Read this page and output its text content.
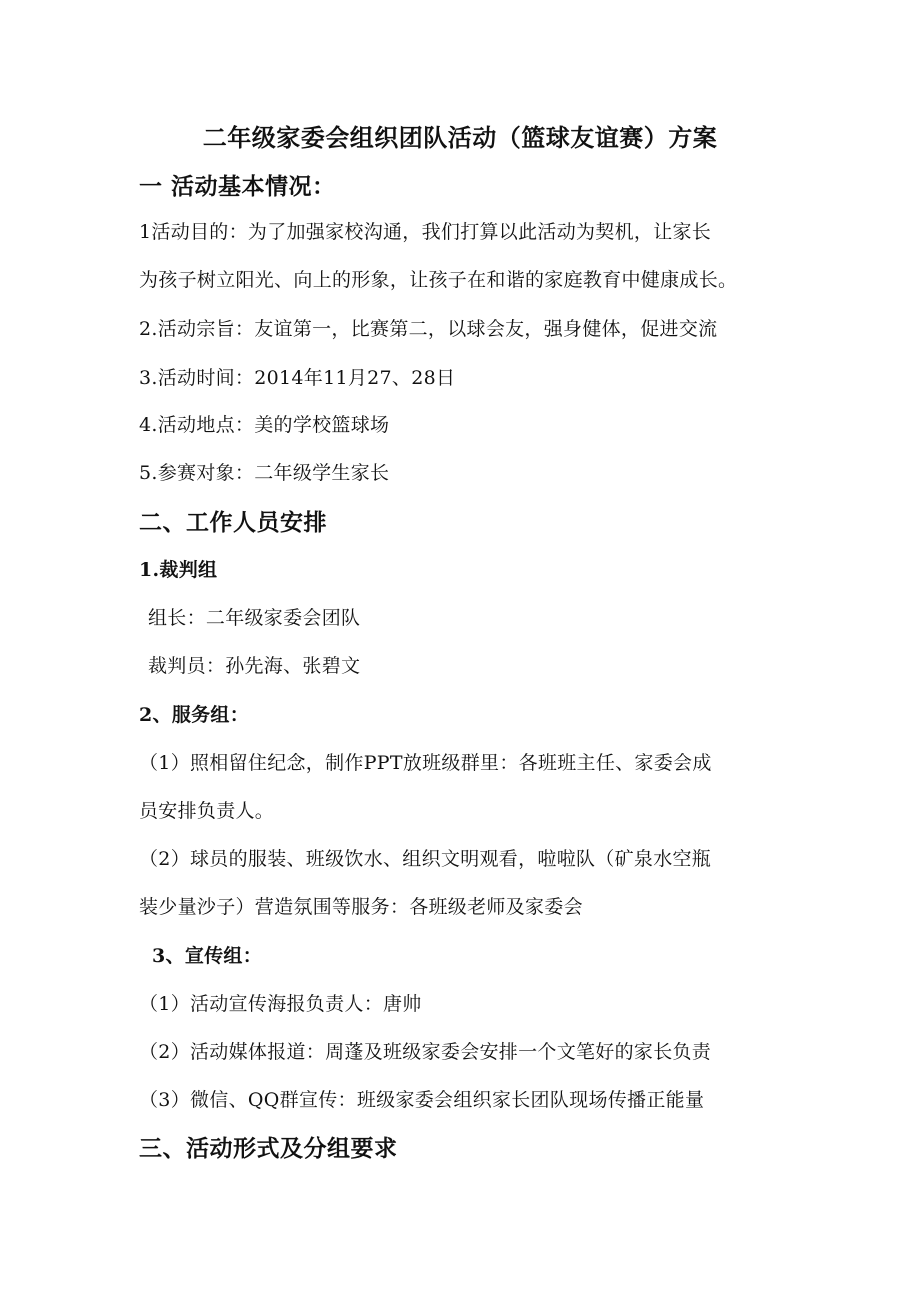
二年级家委会组织团队活动（篮球友谊赛）方案
一 活动基本情况：
1活动目的：为了加强家校沟通，我们打算以此活动为契机，让家长
为孩子树立阳光、向上的形象，让孩子在和谐的家庭教育中健康成长。
2.活动宗旨：友谊第一，比赛第二，以球会友，强身健体，促进交流
3.活动时间：2014年11月27、28日
4.活动地点：美的学校篮球场
5.参赛对象：二年级学生家长
二、工作人员安排
1.裁判组
组长：二年级家委会团队
裁判员：孙先海、张碧文
2、服务组：
（1）照相留住纪念，制作PPT放班级群里：各班班主任、家委会成
员安排负责人。
（2）球员的服装、班级饮水、组织文明观看，啦啦队（矿泉水空瓶
装少量沙子）营造氛围等服务：各班级老师及家委会
3、宣传组：
（1）活动宣传海报负责人：唐帅
（2）活动媒体报道：周蓬及班级家委会安排一个文笔好的家长负责
（3）微信、QQ群宣传：班级家委会组织家长团队现场传播正能量
三、活动形式及分组要求
